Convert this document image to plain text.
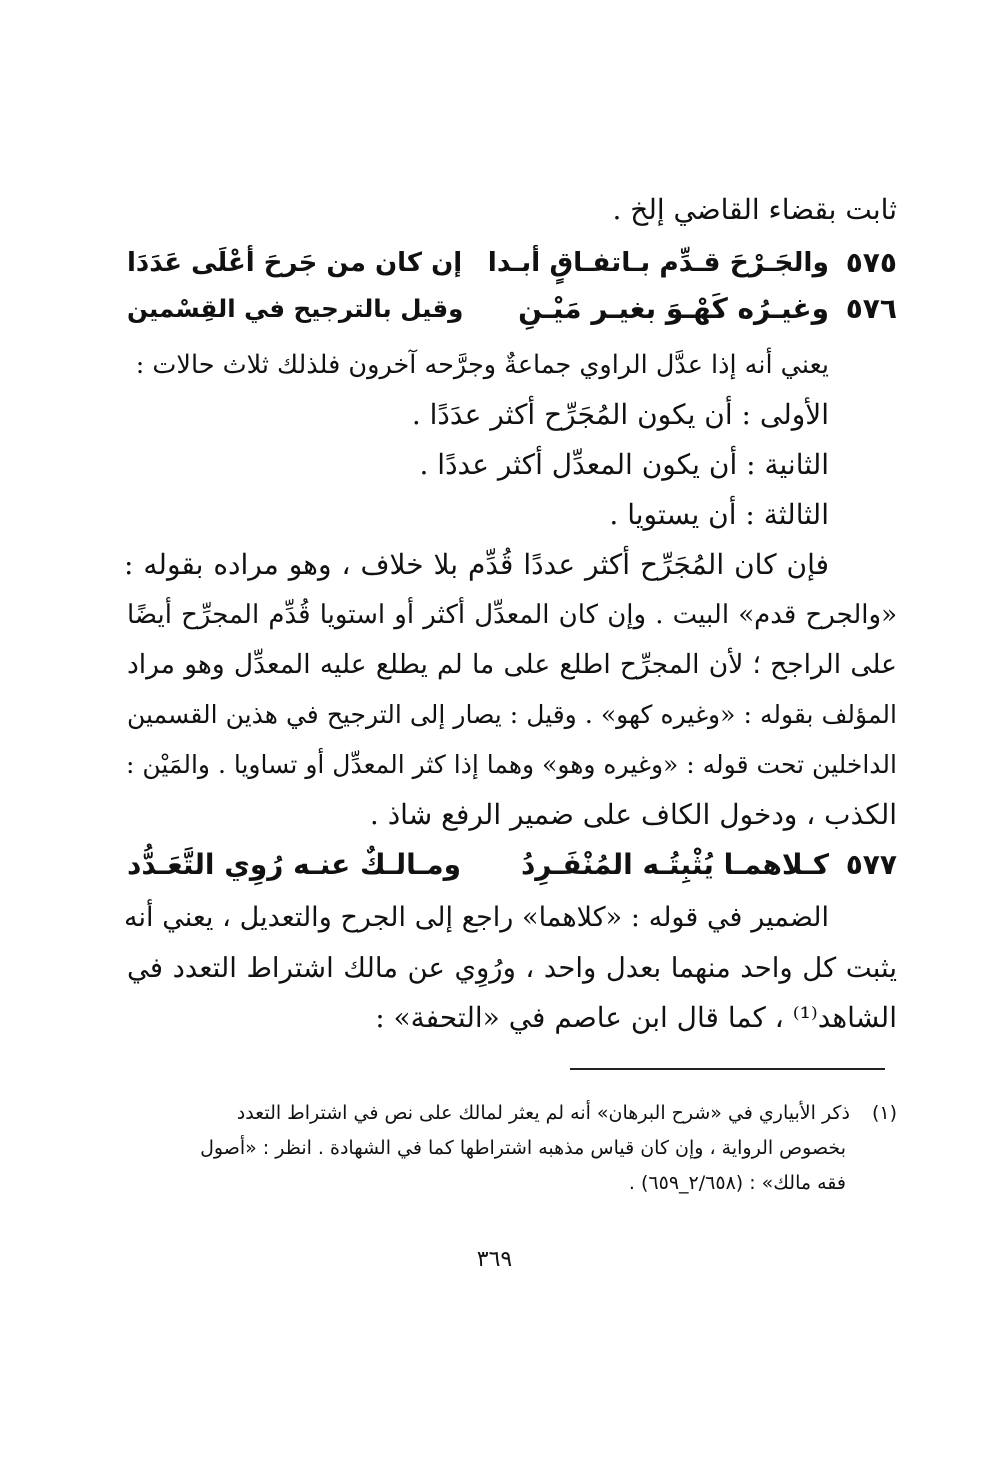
ثابت بقضاء القاضي إلخ .
٥٧٥
والجَـرْحَ قـدِّم بـاتفـاقٍ أبـدا
إن كان من جَرحَ أعْلَى عَدَدَا
٥٧٦
وغيـرُه كَهْـوَ بغيـر مَيْـنِ
وقيل بالترجيح في القِسْمين
يعني أنه إذا عدَّل الراوي جماعةٌ وجرَّحه آخرون فلذلك ثلاث حالات :
الأولى : أن يكون المُجَرِّح أكثر عدَدًا .
الثانية : أن يكون المعدِّل أكثر عددًا .
الثالثة : أن يستويا .
فإن كان المُجَرِّح أكثر عددًا قُدِّم بلا خلاف ، وهو مراده بقوله :
«والجرح قدم» البيت . وإن كان المعدِّل أكثر أو استويا قُدِّم المجرِّح أيضًا
على الراجح ؛ لأن المجرِّح اطلع على ما لم يطلع عليه المعدِّل وهو مراد
المؤلف بقوله : «وغيره كهو» . وقيل : يصار إلى الترجيح في هذين القسمين
الداخلين تحت قوله : «وغيره وهو» وهما إذا كثر المعدِّل أو تساويا . والمَيْن :
الكذب ، ودخول الكاف على ضمير الرفع شاذ .
٥٧٧
كـلاهمـا يُثْبِتُـه المُنْفَـرِدُ
ومـالـكٌ عنـه رُوِي التَّعَـدُّد
الضمير في قوله : «كلاهما» راجع إلى الجرح والتعديل ، يعني أنه
يثبت كل واحد منهما بعدل واحد ، ورُوِي عن مالك اشتراط التعدد في
الشاهد⁽¹⁾ ، كما قال ابن عاصم في «التحفة» :
(١)ذكر الأبياري في «شرح البرهان» أنه لم يعثر لمالك على نص في اشتراط التعدد
بخصوص الرواية ، وإن كان قياس مذهبه اشتراطها كما في الشهادة . انظر : «أصول
فقه مالك» : (٢/٦٥٨_٦٥٩) .
٣٦٩
